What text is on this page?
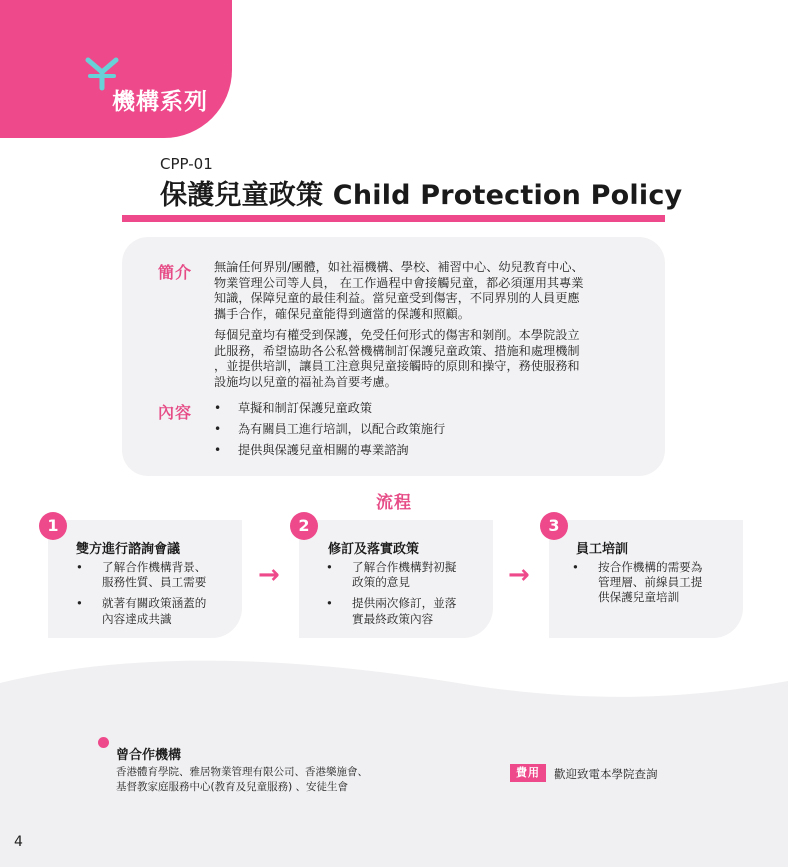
機構系列
CPP-01
保護兒童政策 Child Protection Policy
簡介 無論任何界別/團體，如社福機構、學校、補習中心、幼兒教育中心、
物業管理公司等人員， 在工作過程中會接觸兒童，都必須運用其專業
知識，保障兒童的最佳利益。當兒童受到傷害，不同界別的人員更應
攜手合作，確保兒童能得到適當的保護和照顧。
每個兒童均有權受到保護，免受任何形式的傷害和剝削。本學院設立
此服務，希望協助各公私營機構制訂保護兒童政策、措施和處理機制
，並提供培訓，讓員工注意與兒童接觸時的原則和操守，務使服務和
設施均以兒童的福祉為首要考慮。
內容 • 草擬和制訂保護兒童政策
• 為有關員工進行培訓，以配合政策施行
• 提供與保護兒童相關的專業諮詢
流程
1
雙方進行諮詢會議
• 了解合作機構背景、
服務性質、員工需要
• 就著有關政策涵蓋的
內容達成共識
→
2
修訂及落實政策
• 了解合作機構對初擬
政策的意見
• 提供兩次修訂，並落
實最終政策內容
→
3
員工培訓
• 按合作機構的需要為
管理層、前線員工提
供保護兒童培訓
曾合作機構
香港體育學院、雅居物業管理有限公司、香港樂施會、
基督教家庭服務中心(教育及兒童服務) 、安徒生會
費用	歡迎致電本學院查詢
4
